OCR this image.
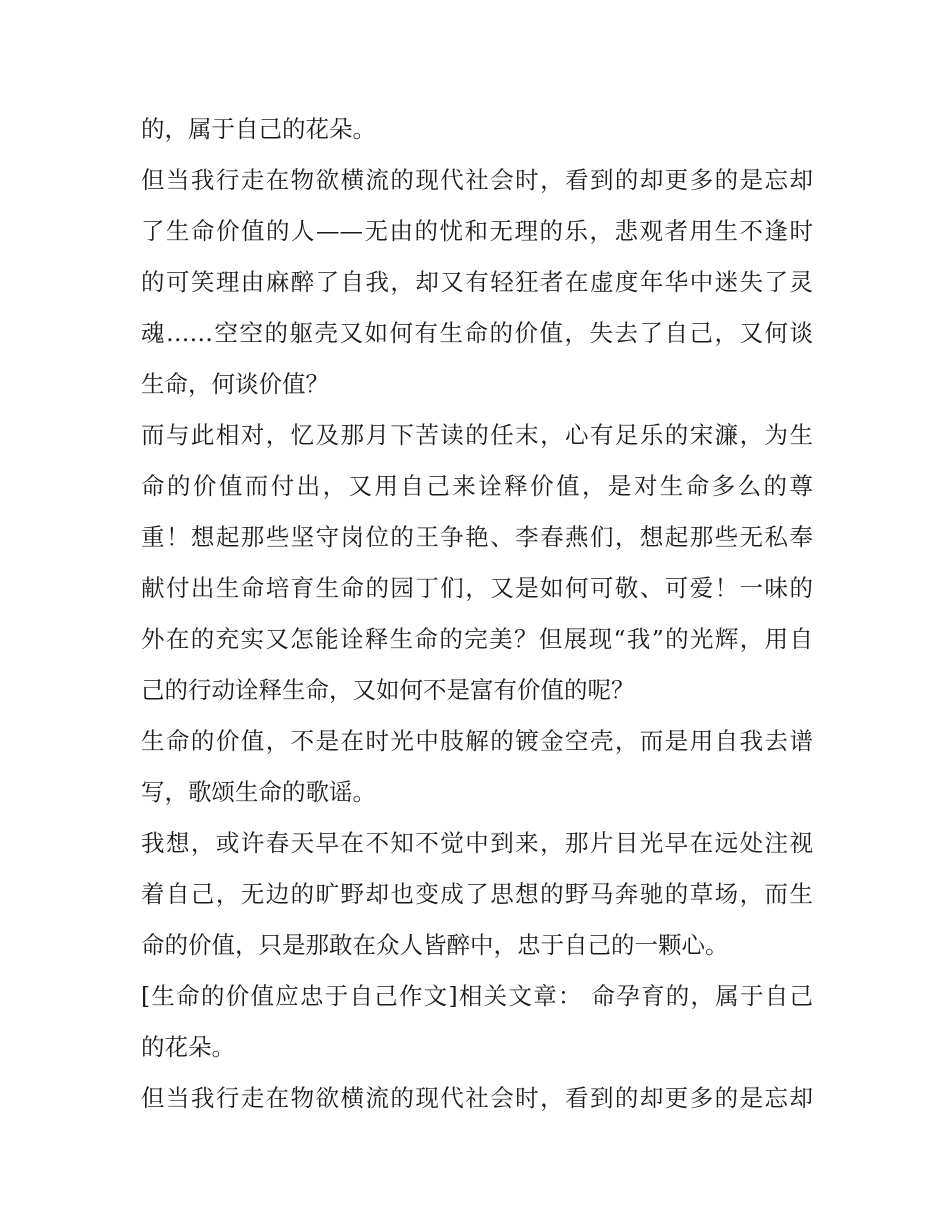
的，属于自己的花朵。
但当我行走在物欲横流的现代社会时，看到的却更多的是忘却
了生命价值的人——无由的忧和无理的乐，悲观者用生不逢时
的可笑理由麻醉了自我，却又有轻狂者在虚度年华中迷失了灵
魂……空空的躯壳又如何有生命的价值，失去了自己，又何谈
生命，何谈价值？
而与此相对，忆及那月下苦读的任末，心有足乐的宋濂，为生
命的价值而付出，又用自己来诠释价值，是对生命多么的尊
重！想起那些坚守岗位的王争艳、李春燕们，想起那些无私奉
献付出生命培育生命的园丁们，又是如何可敬、可爱！一味的
外在的充实又怎能诠释生命的完美？但展现“我”的光辉，用自
己的行动诠释生命，又如何不是富有价值的呢？
生命的价值，不是在时光中肢解的镀金空壳，而是用自我去谱
写，歌颂生命的歌谣。
我想，或许春天早在不知不觉中到来，那片目光早在远处注视
着自己，无边的旷野却也变成了思想的野马奔驰的草场，而生
命的价值，只是那敢在众人皆醉中，忠于自己的一颗心。
[生命的价值应忠于自己作文]相关文章： 命孕育的，属于自己
的花朵。
但当我行走在物欲横流的现代社会时，看到的却更多的是忘却
